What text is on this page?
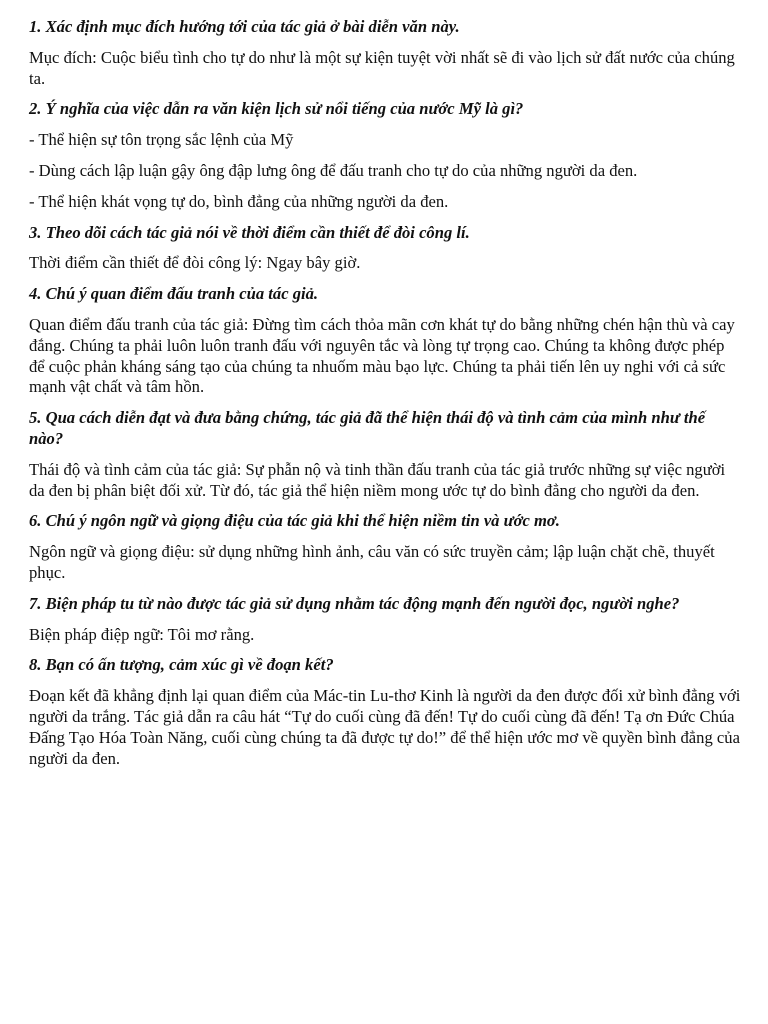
1. Xác định mục đích hướng tới của tác giả ở bài diễn văn này.
Mục đích: Cuộc biểu tình cho tự do như là một sự kiện tuyệt vời nhất sẽ đi vào lịch sử đất nước của chúng ta.
2. Ý nghĩa của việc dẫn ra văn kiện lịch sử nổi tiếng của nước Mỹ là gì?
- Thể hiện sự tôn trọng sắc lệnh của Mỹ
- Dùng cách lập luận gậy ông đập lưng ông để đấu tranh cho tự do của những người da đen.
- Thể hiện khát vọng tự do, bình đẳng của những người da đen.
3. Theo dõi cách tác giả nói về thời điểm cần thiết để đòi công lí.
Thời điểm cần thiết để đòi công lý: Ngay bây giờ.
4. Chú ý quan điểm đấu tranh của tác giả.
Quan điểm đấu tranh của tác giả: Đừng tìm cách thỏa mãn cơn khát tự do bằng những chén hận thù và cay đắng. Chúng ta phải luôn luôn tranh đấu với nguyên tắc và lòng tự trọng cao. Chúng ta không được phép để cuộc phản kháng sáng tạo của chúng ta nhuốm màu bạo lực. Chúng ta phải tiến lên uy nghi với cả sức mạnh vật chất và tâm hồn.
5. Qua cách diễn đạt và đưa bằng chứng, tác giả đã thể hiện thái độ và tình cảm của mình như thế nào?
Thái độ và tình cảm của tác giả: Sự phẫn nộ và tinh thần đấu tranh của tác giả trước những sự việc người da đen bị phân biệt đối xử. Từ đó, tác giả thể hiện niềm mong ước tự do bình đẳng cho người da đen.
6. Chú ý ngôn ngữ và giọng điệu của tác giả khi thể hiện niềm tin và ước mơ.
Ngôn ngữ và giọng điệu: sử dụng những hình ảnh, câu văn có sức truyền cảm; lập luận chặt chẽ, thuyết phục.
7. Biện pháp tu từ nào được tác giả sử dụng nhằm tác động mạnh đến người đọc, người nghe?
Biện pháp điệp ngữ: Tôi mơ rằng.
8. Bạn có ấn tượng, cảm xúc gì về đoạn kết?
Đoạn kết đã khẳng định lại quan điểm của Mác-tin Lu-thơ Kinh là người da đen được đối xử bình đẳng với người da trắng. Tác giả dẫn ra câu hát “Tự do cuối cùng đã đến! Tự do cuối cùng đã đến! Tạ ơn Đức Chúa Đấng Tạo Hóa Toàn Năng, cuối cùng chúng ta đã được tự do!” để thể hiện ước mơ về quyền bình đẳng của người da đen.
